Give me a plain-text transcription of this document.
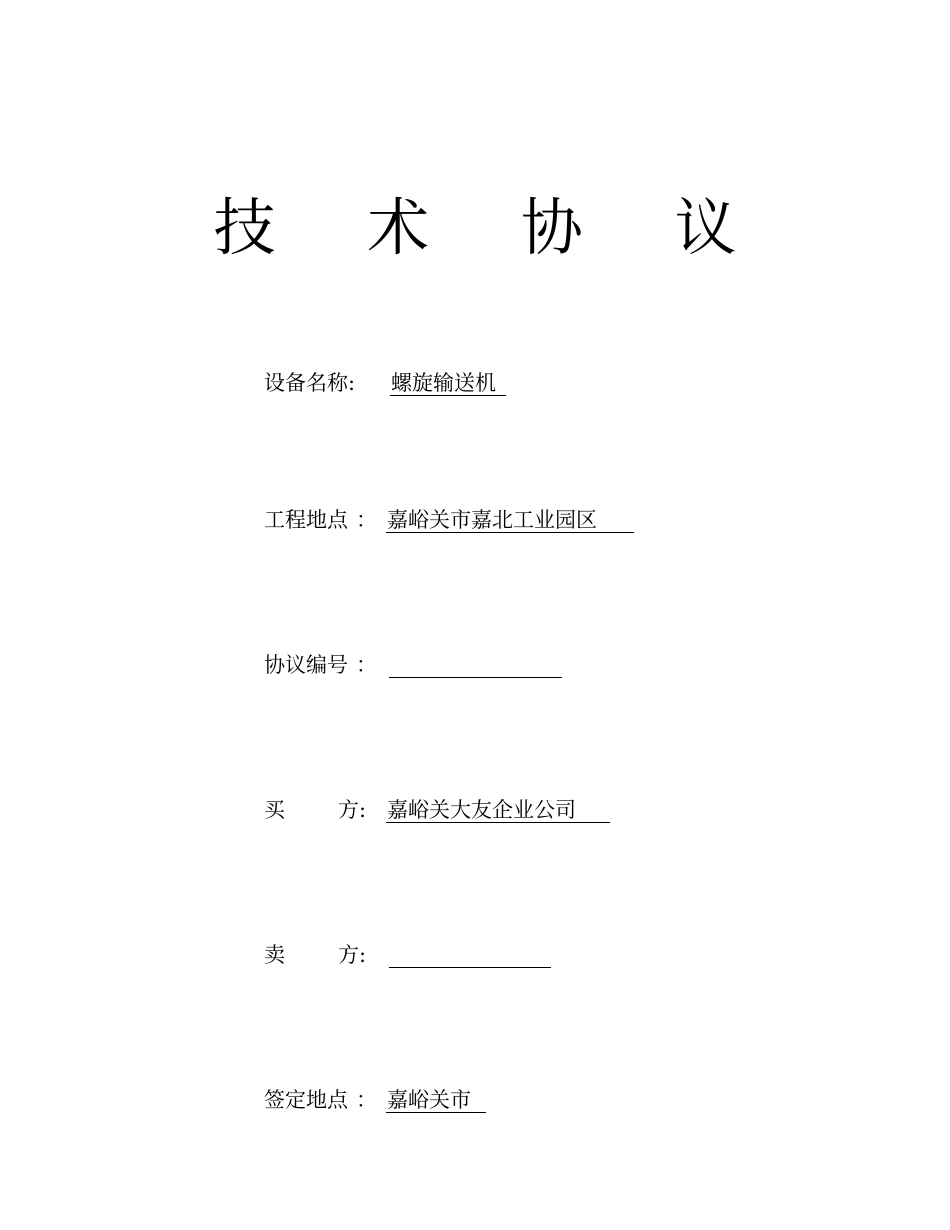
技 术 协 议
设备名称: 螺旋输送机
工程地点 ： 嘉峪关市嘉北工业园区
协议编号 ：
买	方: 嘉峪关大友企业公司
卖	方:
签定地点 ： 嘉峪关市
